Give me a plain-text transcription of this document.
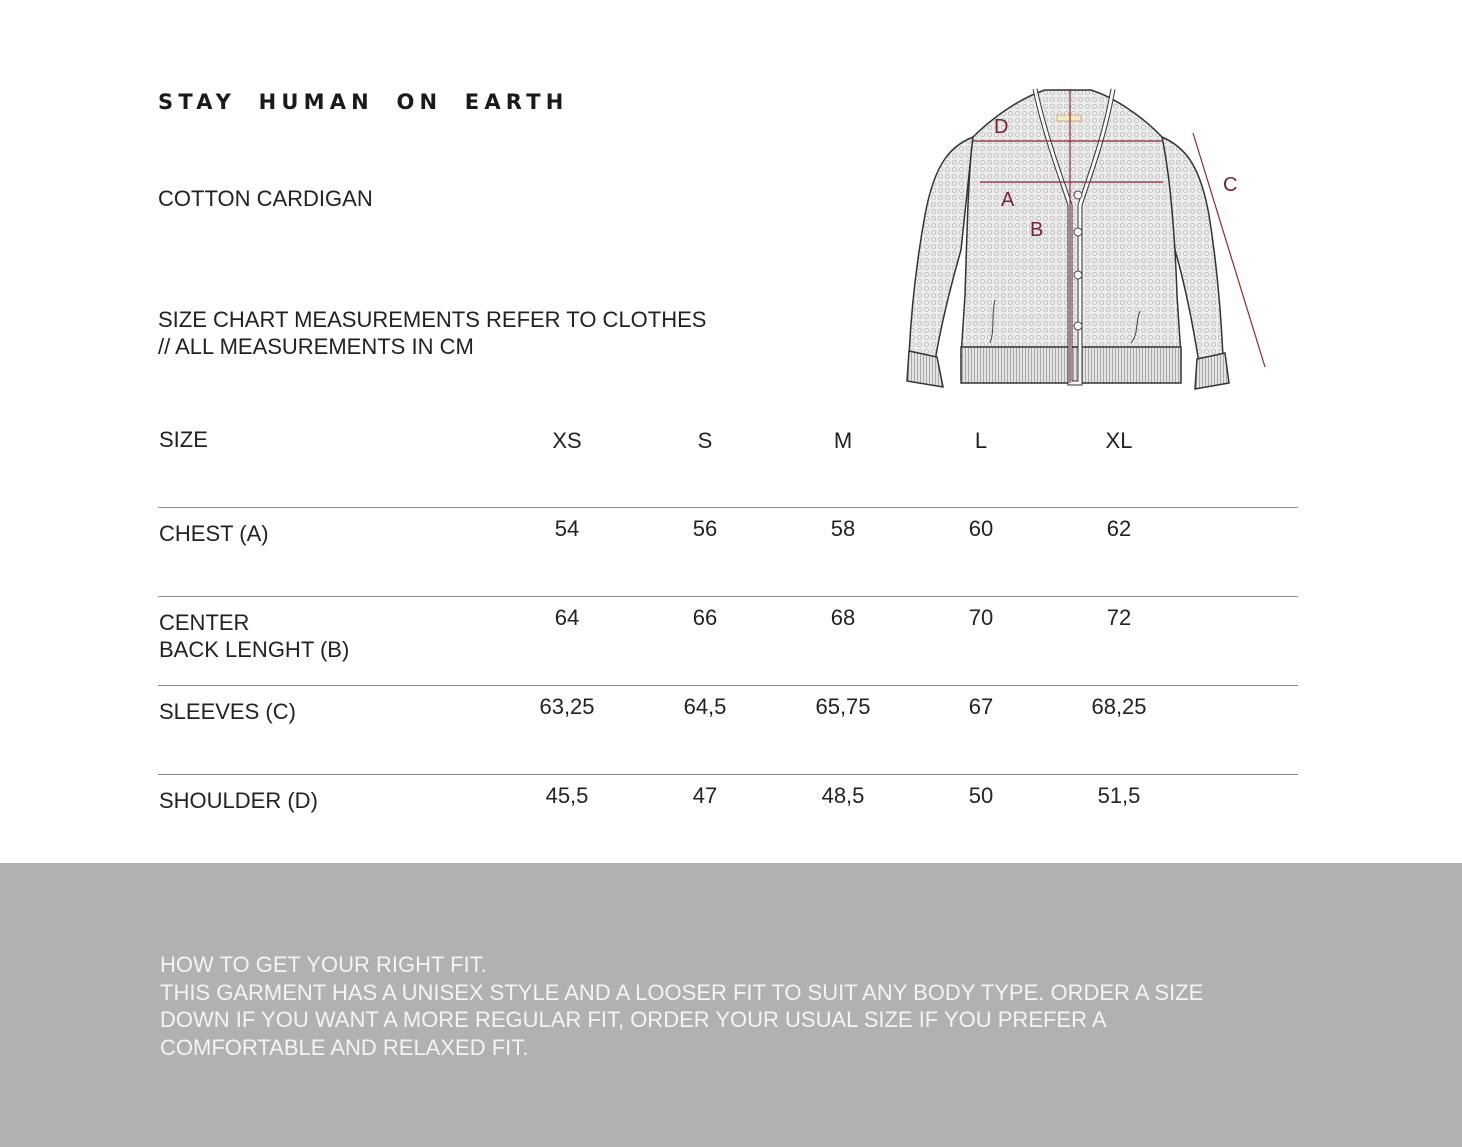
STAY HUMAN ON EARTH
COTTON CARDIGAN
SIZE CHART MEASUREMENTS REFER TO CLOTHES
// ALL MEASUREMENTS IN CM
D
A
B
C
SIZE	XS	S	M	L	XL
CHEST (A)	54	56	58	60	62
CENTER
BACK LENGHT (B)
64	66	68	70	72
SLEEVES (C)	63,25	64,5	65,75	67	68,25
SHOULDER (D)	45,5	47	48,5	50	51,5
HOW TO GET YOUR RIGHT FIT.
THIS GARMENT HAS A UNISEX STYLE AND A LOOSER FIT TO SUIT ANY BODY TYPE. ORDER A SIZE
DOWN IF YOU WANT A MORE REGULAR FIT, ORDER YOUR USUAL SIZE IF YOU PREFER A
COMFORTABLE AND RELAXED FIT.
